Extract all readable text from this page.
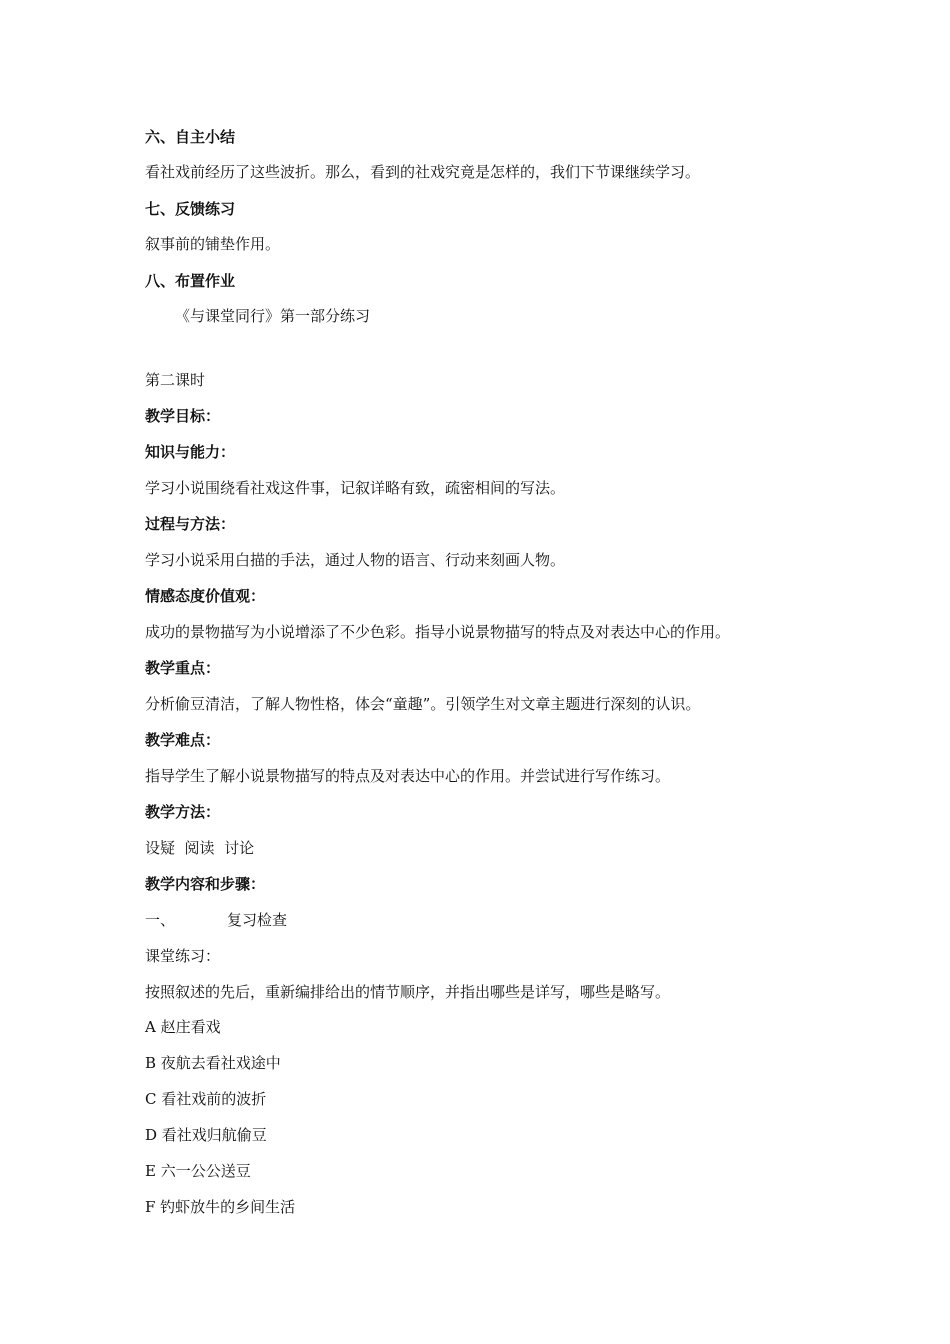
六、自主小结
看社戏前经历了这些波折。那么，看到的社戏究竟是怎样的，我们下节课继续学习。
七、反馈练习
叙事前的铺垫作用。
八、布置作业
《与课堂同行》第一部分练习
第二课时
教学目标：
知识与能力：
学习小说围绕看社戏这件事，记叙详略有致，疏密相间的写法。
过程与方法：
学习小说采用白描的手法，通过人物的语言、行动来刻画人物。
情感态度价值观：
成功的景物描写为小说增添了不少色彩。指导小说景物描写的特点及对表达中心的作用。
教学重点：
分析偷豆清洁，了解人物性格，体会“童趣”。引领学生对文章主题进行深刻的认识。
教学难点：
指导学生了解小说景物描写的特点及对表达中心的作用。并尝试进行写作练习。
教学方法：
设疑  阅读  讨论
教学内容和步骤：
一、	复习检查
课堂练习：
按照叙述的先后，重新编排给出的情节顺序，并指出哪些是详写，哪些是略写。
A 赵庄看戏
B 夜航去看社戏途中
C 看社戏前的波折
D 看社戏归航偷豆
E 六一公公送豆
F 钓虾放牛的乡间生活
